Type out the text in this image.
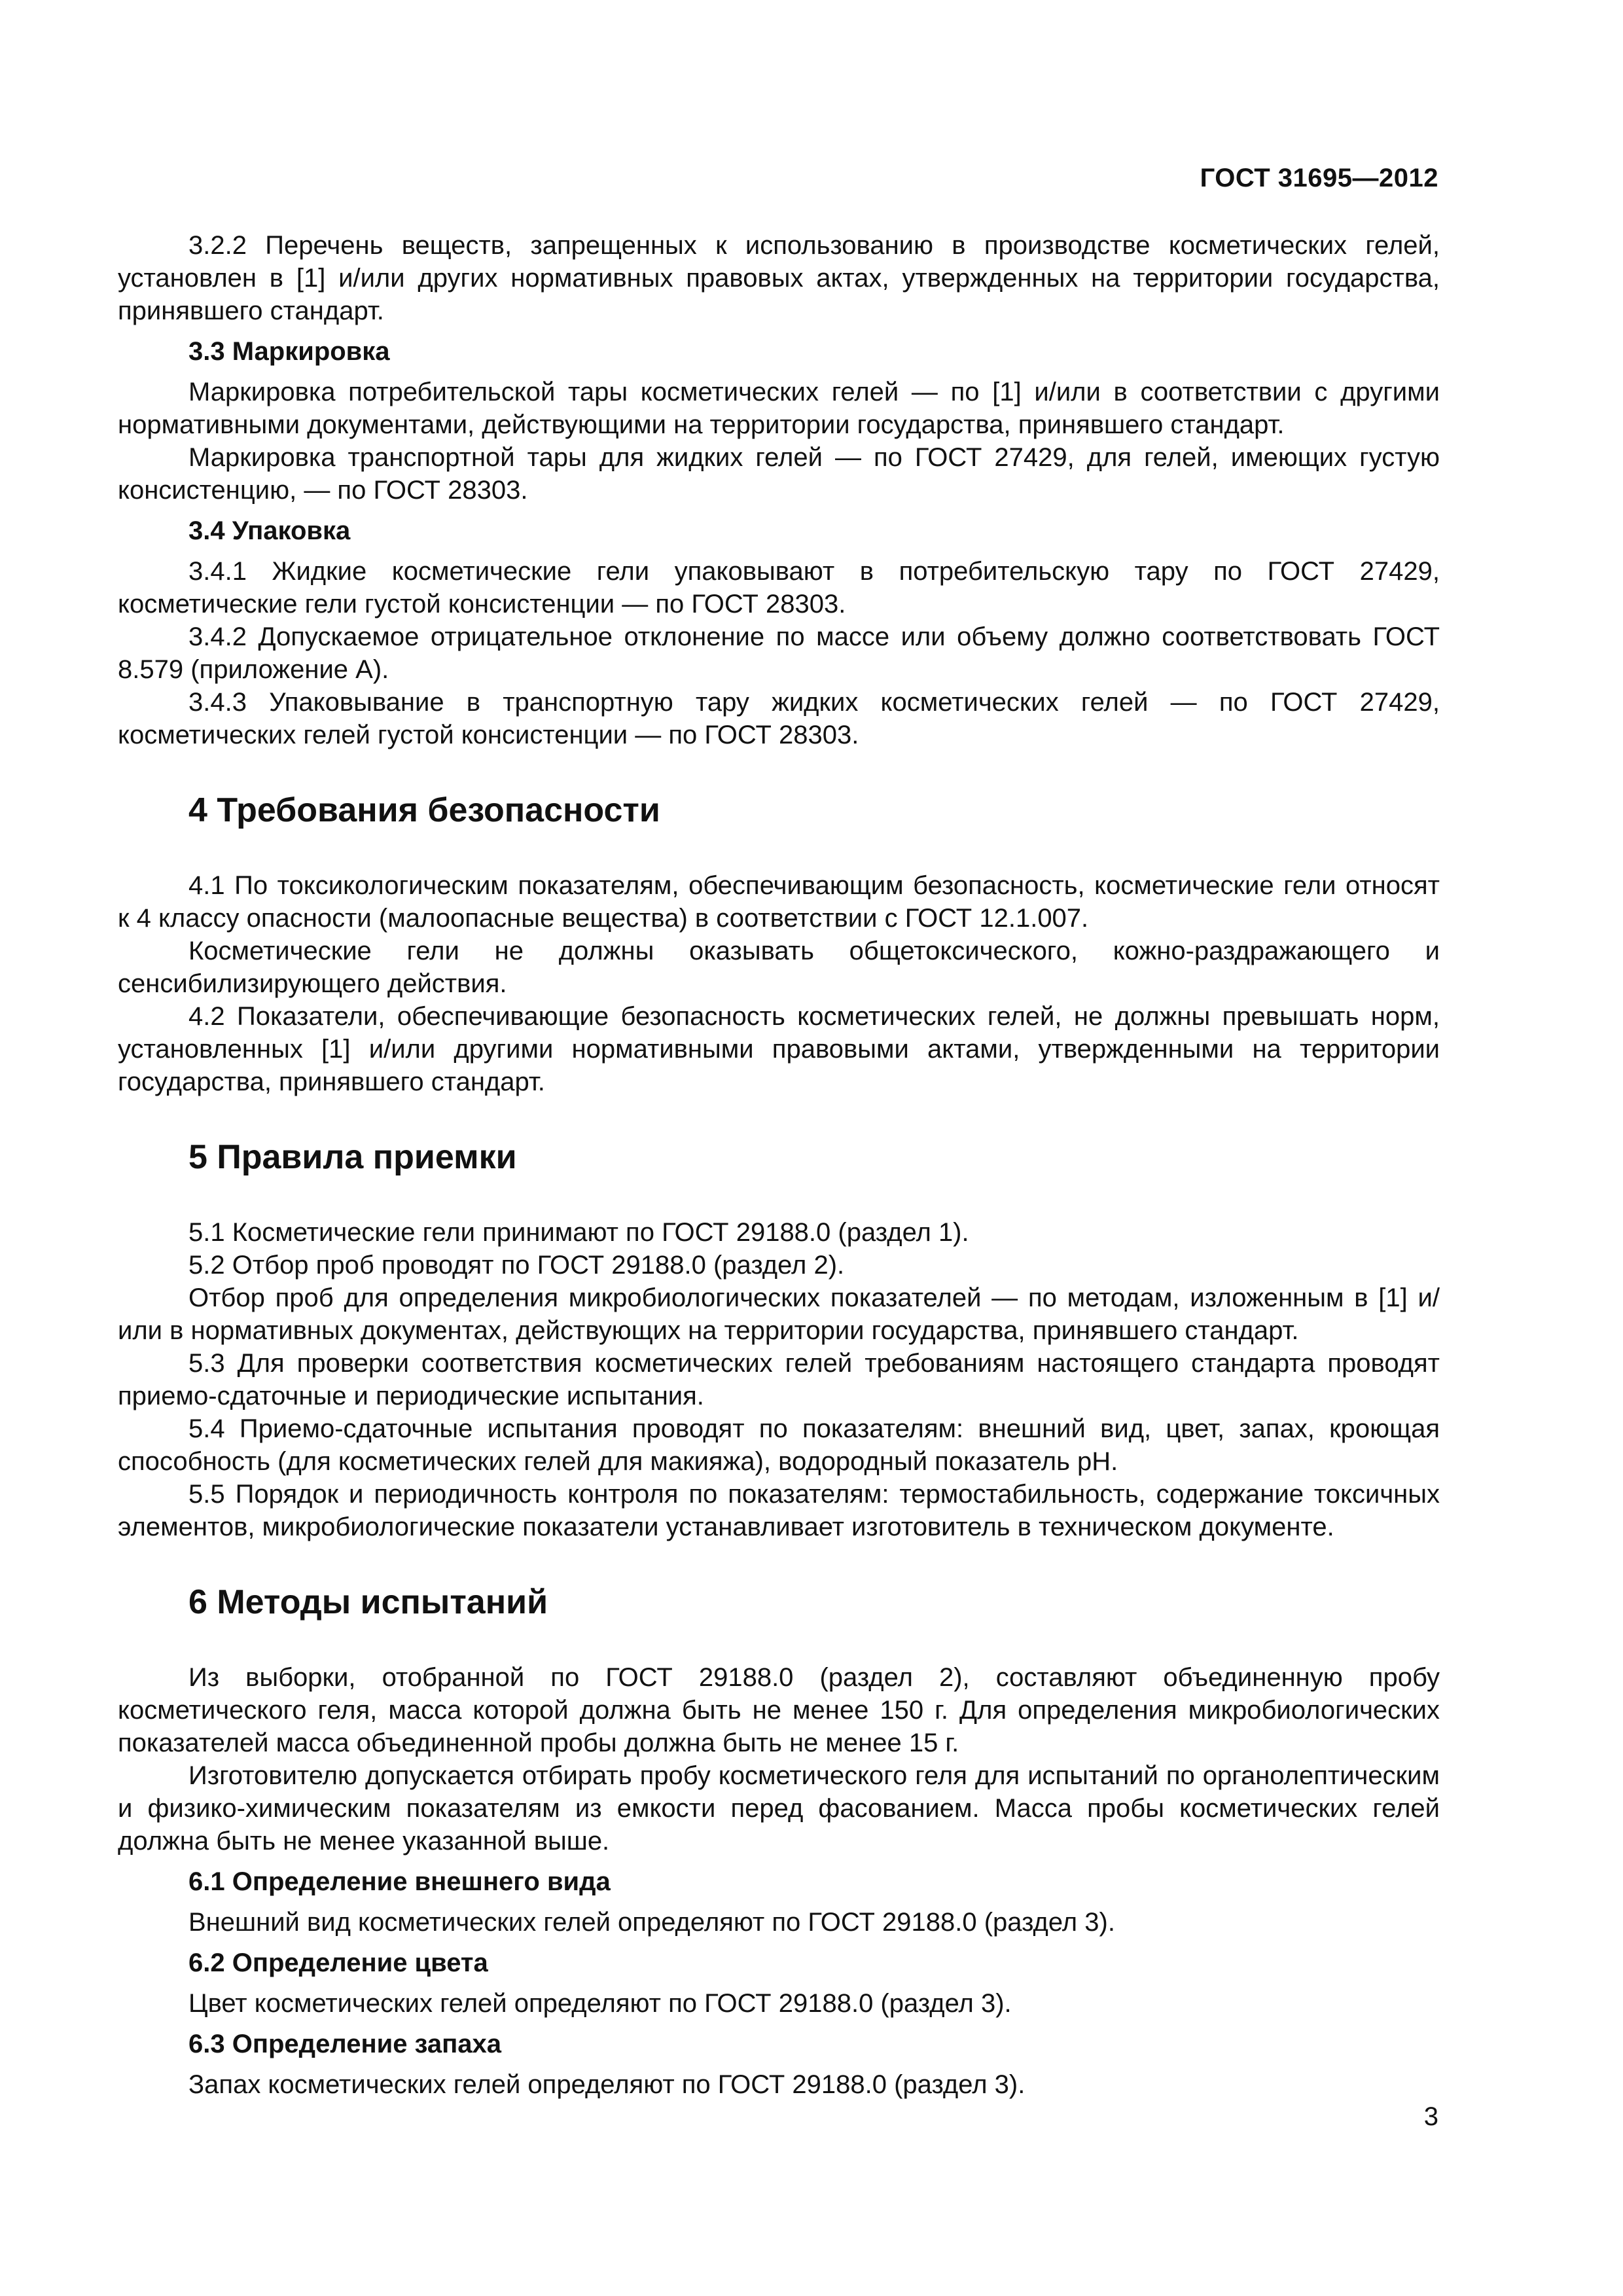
ГОСТ 31695—2012

3.2.2 Перечень веществ, запрещенных к использованию в производстве косметических гелей, установлен в [1] и/или других нормативных правовых актах, утвержденных на территории государства, принявшего стандарт.

3.3 Маркировка

Маркировка потребительской тары косметических гелей — по [1] и/или в соответствии с другими нормативными документами, действующими на территории государства, принявшего стандарт.

Маркировка транспортной тары для жидких гелей — по ГОСТ 27429, для гелей, имеющих густую консистенцию, — по ГОСТ 28303.

3.4 Упаковка

3.4.1 Жидкие косметические гели упаковывают в потребительскую тару по ГОСТ 27429, косметические гели густой консистенции — по ГОСТ 28303.

3.4.2 Допускаемое отрицательное отклонение по массе или объему должно соответствовать ГОСТ 8.579 (приложение А).

3.4.3 Упаковывание в транспортную тару жидких косметических гелей — по ГОСТ 27429, косметических гелей густой консистенции — по ГОСТ 28303.

4 Требования безопасности

4.1 По токсикологическим показателям, обеспечивающим безопасность, косметические гели относят к 4 классу опасности (малоопасные вещества) в соответствии с ГОСТ 12.1.007.

Косметические гели не должны оказывать общетоксического, кожно-раздражающего и сенсибилизирующего действия.

4.2 Показатели, обеспечивающие безопасность косметических гелей, не должны превышать норм, установленных [1] и/или другими нормативными правовыми актами, утвержденными на территории государства, принявшего стандарт.

5 Правила приемки

5.1 Косметические гели принимают по ГОСТ 29188.0 (раздел 1).

5.2 Отбор проб проводят по ГОСТ 29188.0 (раздел 2).

Отбор проб для определения микробиологических показателей — по методам, изложенным в [1] и/или в нормативных документах, действующих на территории государства, принявшего стандарт.

5.3 Для проверки соответствия косметических гелей требованиям настоящего стандарта проводят приемо-сдаточные и периодические испытания.

5.4 Приемо-сдаточные испытания проводят по показателям: внешний вид, цвет, запах, кроющая способность (для косметических гелей для макияжа), водородный показатель рН.

5.5 Порядок и периодичность контроля по показателям: термостабильность, содержание токсичных элементов, микробиологические показатели устанавливает изготовитель в техническом документе.

6 Методы испытаний

Из выборки, отобранной по ГОСТ 29188.0 (раздел 2), составляют объединенную пробу косметического геля, масса которой должна быть не менее 150 г. Для определения микробиологических показателей масса объединенной пробы должна быть не менее 15 г.

Изготовителю допускается отбирать пробу косметического геля для испытаний по органолептическим и физико-химическим показателям из емкости перед фасованием. Масса пробы косметических гелей должна быть не менее указанной выше.

6.1 Определение внешнего вида

Внешний вид косметических гелей определяют по ГОСТ 29188.0 (раздел 3).

6.2 Определение цвета

Цвет косметических гелей определяют по ГОСТ 29188.0 (раздел 3).

6.3 Определение запаха

Запах косметических гелей определяют по ГОСТ 29188.0 (раздел 3).

3
